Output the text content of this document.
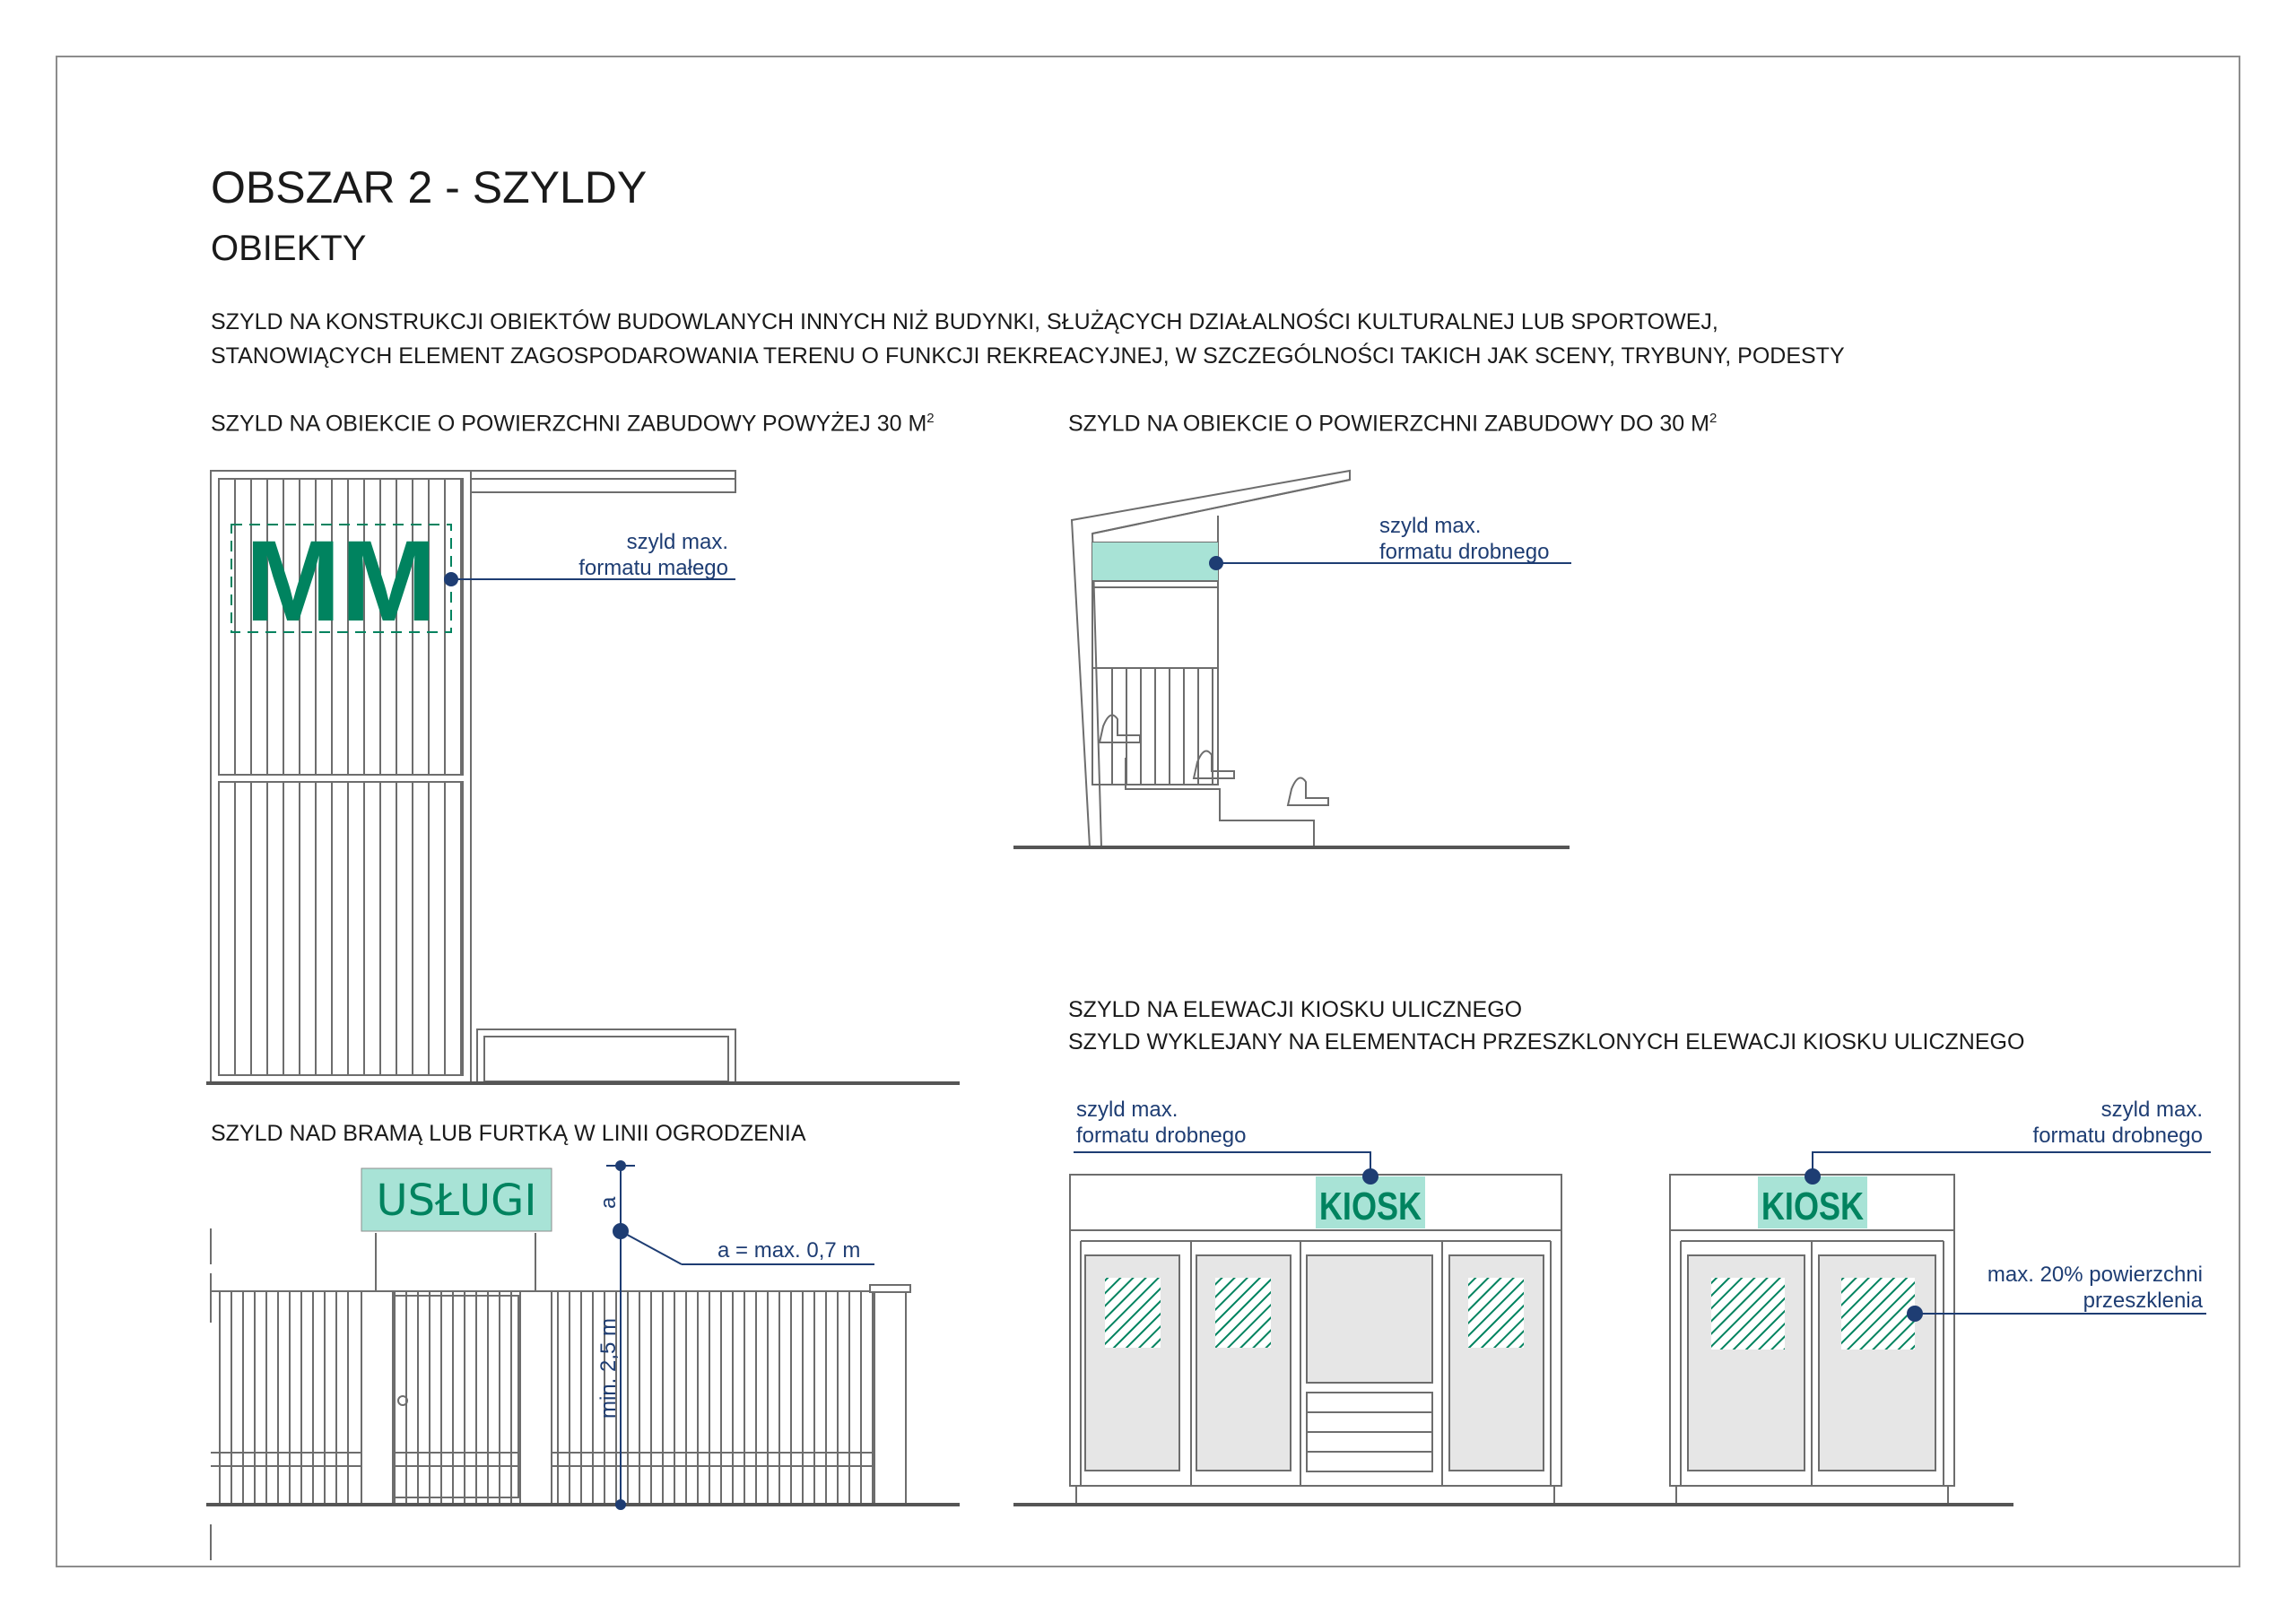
OBSZAR 2 - SZYLDY
OBIEKTY
SZYLD NA KONSTRUKCJI OBIEKTÓW BUDOWLANYCH INNYCH NIŻ BUDYNKI, SŁUŻĄCYCH DZIAŁALNOŚCI KULTURALNEJ LUB SPORTOWEJ,
STANOWIĄCYCH ELEMENT ZAGOSPODAROWANIA TERENU O FUNKCJI REKREACYJNEJ, W SZCZEGÓLNOŚCI TAKICH JAK SCENY, TRYBUNY, PODESTY
SZYLD NA OBIEKCIE O POWIERZCHNI ZABUDOWY POWYŻEJ 30 $M^2$	SZYLD NA OBIEKCIE O POWIERZCHNI ZABUDOWY DO 30 $M^2$
SZYLD NAD BRAMĄ LUB FURTKĄ W LINII OGRODZENIA
SZYLD NA ELEWACJI KIOSKU ULICZNEGO
SZYLD WYKLEJANY NA ELEMENTACH PRZESZKLONYCH ELEWACJI KIOSKU ULICZNEGO
MM	szyld max.
formatu małego
szyld max.
formatu drobnego
USŁUGI	a
min. 2,5 m
a = max. 0,7 m
KIOSK	KIOSK
szyld max.
formatu drobnego
szyld max.
formatu drobnego
max. 20% powierzchni
przeszklenia
